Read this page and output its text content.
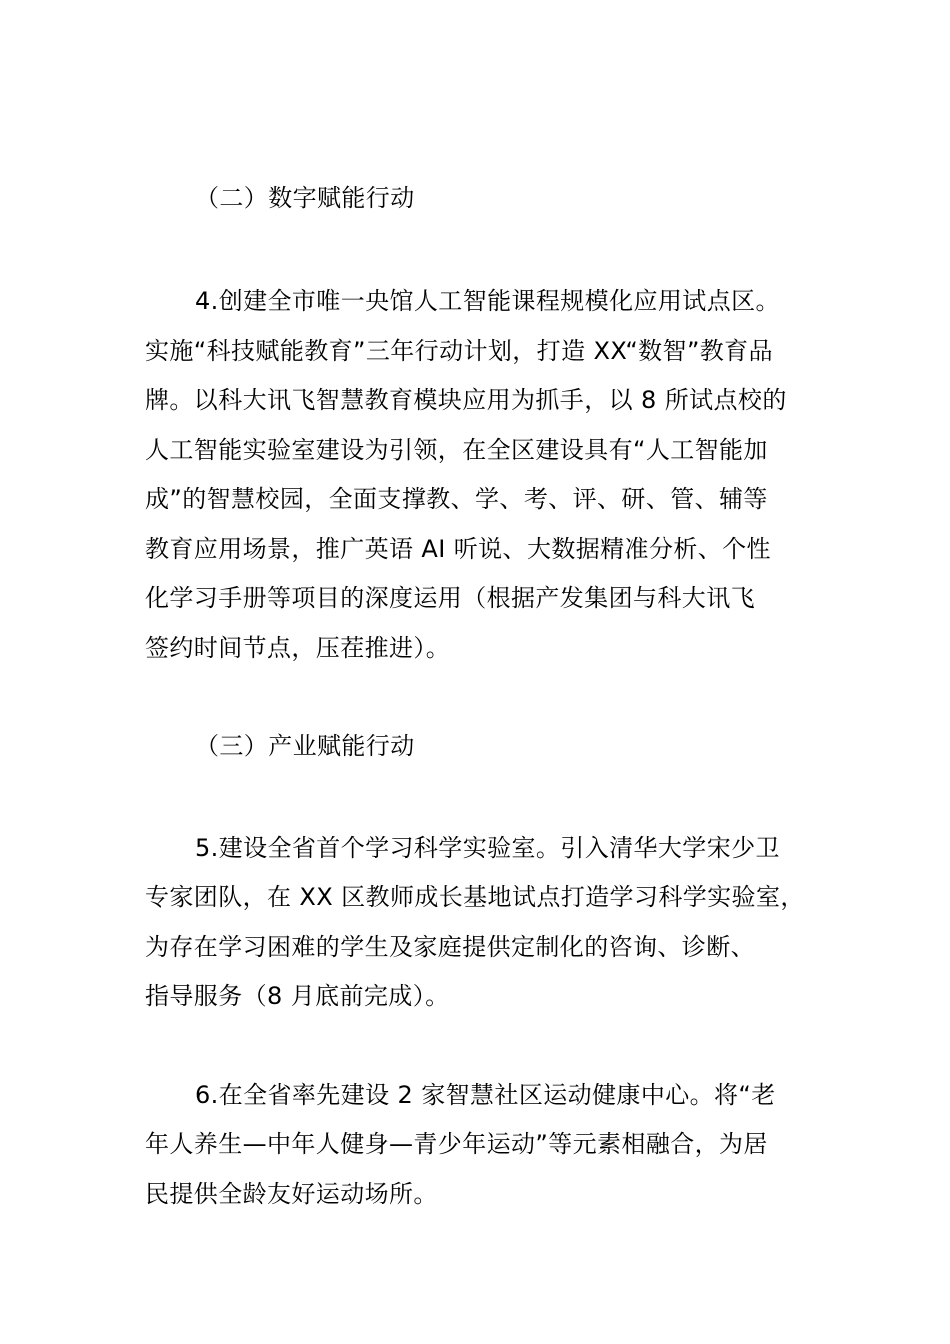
（二）数字赋能行动
4.创建全市唯一央馆人工智能课程规模化应用试点区。
实施“科技赋能教育”三年行动计划，打造 XX“数智”教育品
牌。以科大讯飞智慧教育模块应用为抓手，以 8 所试点校的
人工智能实验室建设为引领，在全区建设具有“人工智能加
成”的智慧校园，全面支撑教、学、考、评、研、管、辅等
教育应用场景，推广英语 AI 听说、大数据精准分析、个性
化学习手册等项目的深度运用（根据产发集团与科大讯飞
签约时间节点，压茬推进）。
（三）产业赋能行动
5.建设全省首个学习科学实验室。引入清华大学宋少卫
专家团队，在 XX 区教师成长基地试点打造学习科学实验室，
为存在学习困难的学生及家庭提供定制化的咨询、诊断、
指导服务（8 月底前完成）。
6.在全省率先建设 2 家智慧社区运动健康中心。将“老
年人养生—中年人健身—青少年运动”等元素相融合，为居
民提供全龄友好运动场所。
